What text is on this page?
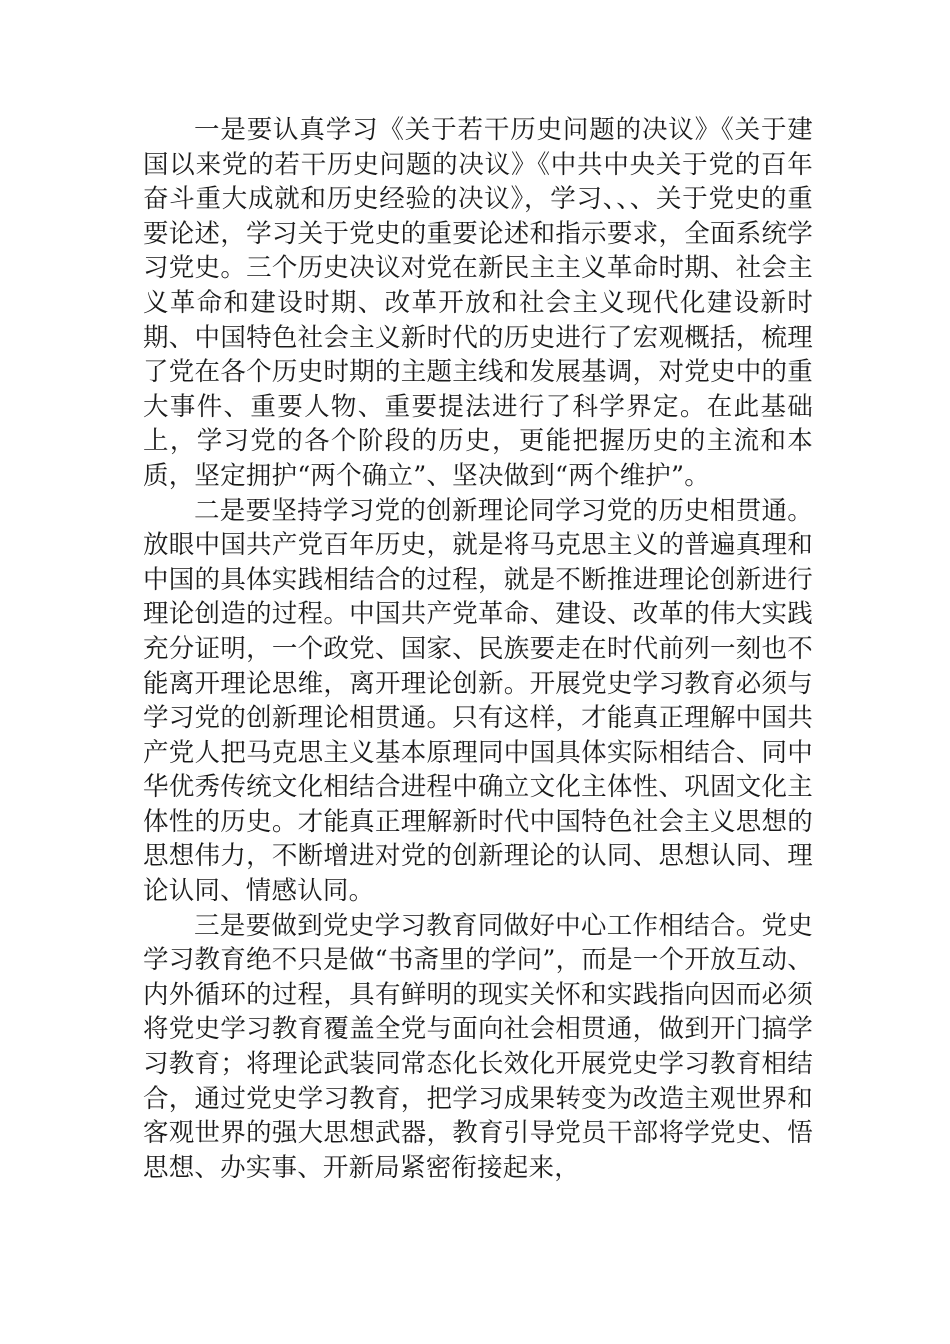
一是要认真学习《关于若干历史问题的决议》《关于建国以来党的若干历史问题的决议》《中共中央关于党的百年奋斗重大成就和历史经验的决议》，学习、、、关于党史的重要论述，学习关于党史的重要论述和指示要求，全面系统学习党史。三个历史决议对党在新民主主义革命时期、社会主义革命和建设时期、改革开放和社会主义现代化建设新时期、中国特色社会主义新时代的历史进行了宏观概括，梳理了党在各个历史时期的主题主线和发展基调，对党史中的重大事件、重要人物、重要提法进行了科学界定。在此基础上，学习党的各个阶段的历史，更能把握历史的主流和本质，坚定拥护“两个确立”、坚决做到“两个维护”。

二是要坚持学习党的创新理论同学习党的历史相贯通。放眼中国共产党百年历史，就是将马克思主义的普遍真理和中国的具体实践相结合的过程，就是不断推进理论创新进行理论创造的过程。中国共产党革命、建设、改革的伟大实践充分证明，一个政党、国家、民族要走在时代前列一刻也不能离开理论思维，离开理论创新。开展党史学习教育必须与学习党的创新理论相贯通。只有这样，才能真正理解中国共产党人把马克思主义基本原理同中国具体实际相结合、同中华优秀传统文化相结合进程中确立文化主体性、巩固文化主体性的历史。才能真正理解新时代中国特色社会主义思想的思想伟力，不断增进对党的创新理论的认同、思想认同、理论认同、情感认同。

三是要做到党史学习教育同做好中心工作相结合。党史学习教育绝不只是做“书斋里的学问”，而是一个开放互动、内外循环的过程，具有鲜明的现实关怀和实践指向因而必须将党史学习教育覆盖全党与面向社会相贯通，做到开门搞学习教育；将理论武装同常态化长效化开展党史学习教育相结合，通过党史学习教育，把学习成果转变为改造主观世界和客观世界的强大思想武器，教育引导党员干部将学党史、悟思想、办实事、开新局紧密衔接起来，
